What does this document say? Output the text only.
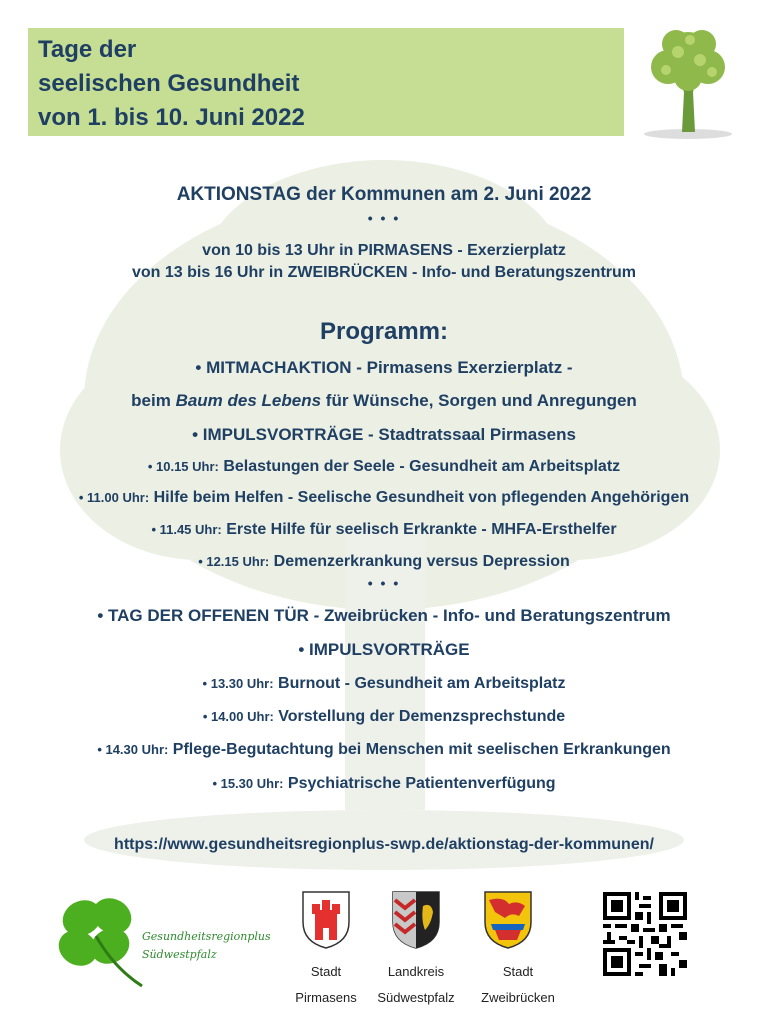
Tage der
seelischen Gesundheit
von 1. bis 10. Juni 2022
AKTIONSTAG der Kommunen am 2. Juni 2022
• • •
von 10 bis 13 Uhr in PIRMASENS - Exerzierplatz
von 13 bis 16 Uhr in ZWEIBRÜCKEN - Info- und Beratungszentrum
Programm:
• MITMACHAKTION - Pirmasens Exerzierplatz -
beim Baum des Lebens für Wünsche, Sorgen und Anregungen
• IMPULSVORTRÄGE - Stadtratssaal Pirmasens
• 10.15 Uhr: Belastungen der Seele - Gesundheit am Arbeitsplatz
• 11.00 Uhr: Hilfe beim Helfen - Seelische Gesundheit von pflegenden Angehörigen
• 11.45 Uhr: Erste Hilfe für seelisch Erkrankte - MHFA-Ersthelfer
• 12.15 Uhr: Demenzerkrankung versus Depression
• • •
• TAG DER OFFENEN TÜR - Zweibrücken - Info- und Beratungszentrum
• IMPULSVORTRÄGE
• 13.30 Uhr: Burnout - Gesundheit am Arbeitsplatz
• 14.00 Uhr: Vorstellung der Demenzsprechstunde
• 14.30 Uhr: Pflege-Begutachtung bei Menschen mit seelischen Erkrankungen
• 15.30 Uhr: Psychiatrische Patientenverfügung
https://www.gesundheitsregionplus-swp.de/aktionstag-der-kommunen/
Gesundheitsregionplus
Südwestpfalz
Stadt
Pirmasens
Landkreis
Südwestpfalz
Stadt
Zweibrücken
